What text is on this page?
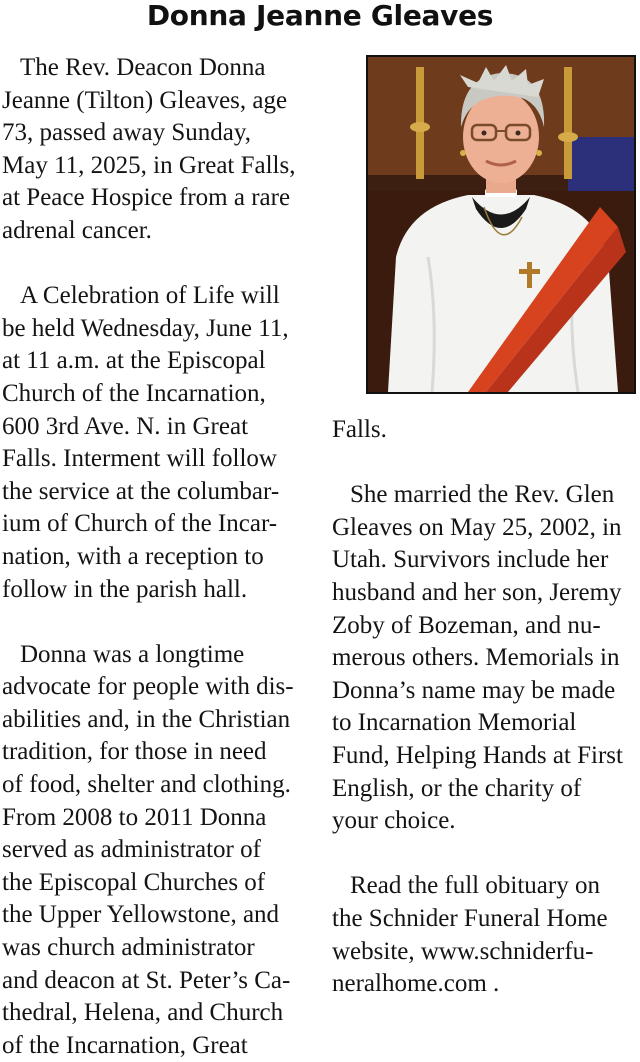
Donna Jeanne Gleaves
The Rev. Deacon Donna
Jeanne (Tilton) Gleaves, age
73, passed away Sunday,
May 11, 2025, in Great Falls,
at Peace Hospice from a rare
adrenal cancer.
A Celebration of Life will
be held Wednesday, June 11,
at 11 a.m. at the Episcopal
Church of the Incarnation,
600 3rd Ave. N. in Great
Falls. Interment will follow
the service at the columbar-
ium of Church of the Incar-
nation, with a reception to
follow in the parish hall.
Donna was a longtime
advocate for people with dis-
abilities and, in the Christian
tradition, for those in need
of food, shelter and clothing.
From 2008 to 2011 Donna
served as administrator of
the Episcopal Churches of
the Upper Yellowstone, and
was church administrator
and deacon at St. Peter’s Ca-
thedral, Helena, and Church
of the Incarnation, Great
Falls.
She married the Rev. Glen
Gleaves on May 25, 2002, in
Utah. Survivors include her
husband and her son, Jeremy
Zoby of Bozeman, and nu-
merous others. Memorials in
Donna’s name may be made
to Incarnation Memorial
Fund, Helping Hands at First
English, or the charity of
your choice.
Read the full obituary on
the Schnider Funeral Home
website, www.schniderfu-
neralhome.com .
